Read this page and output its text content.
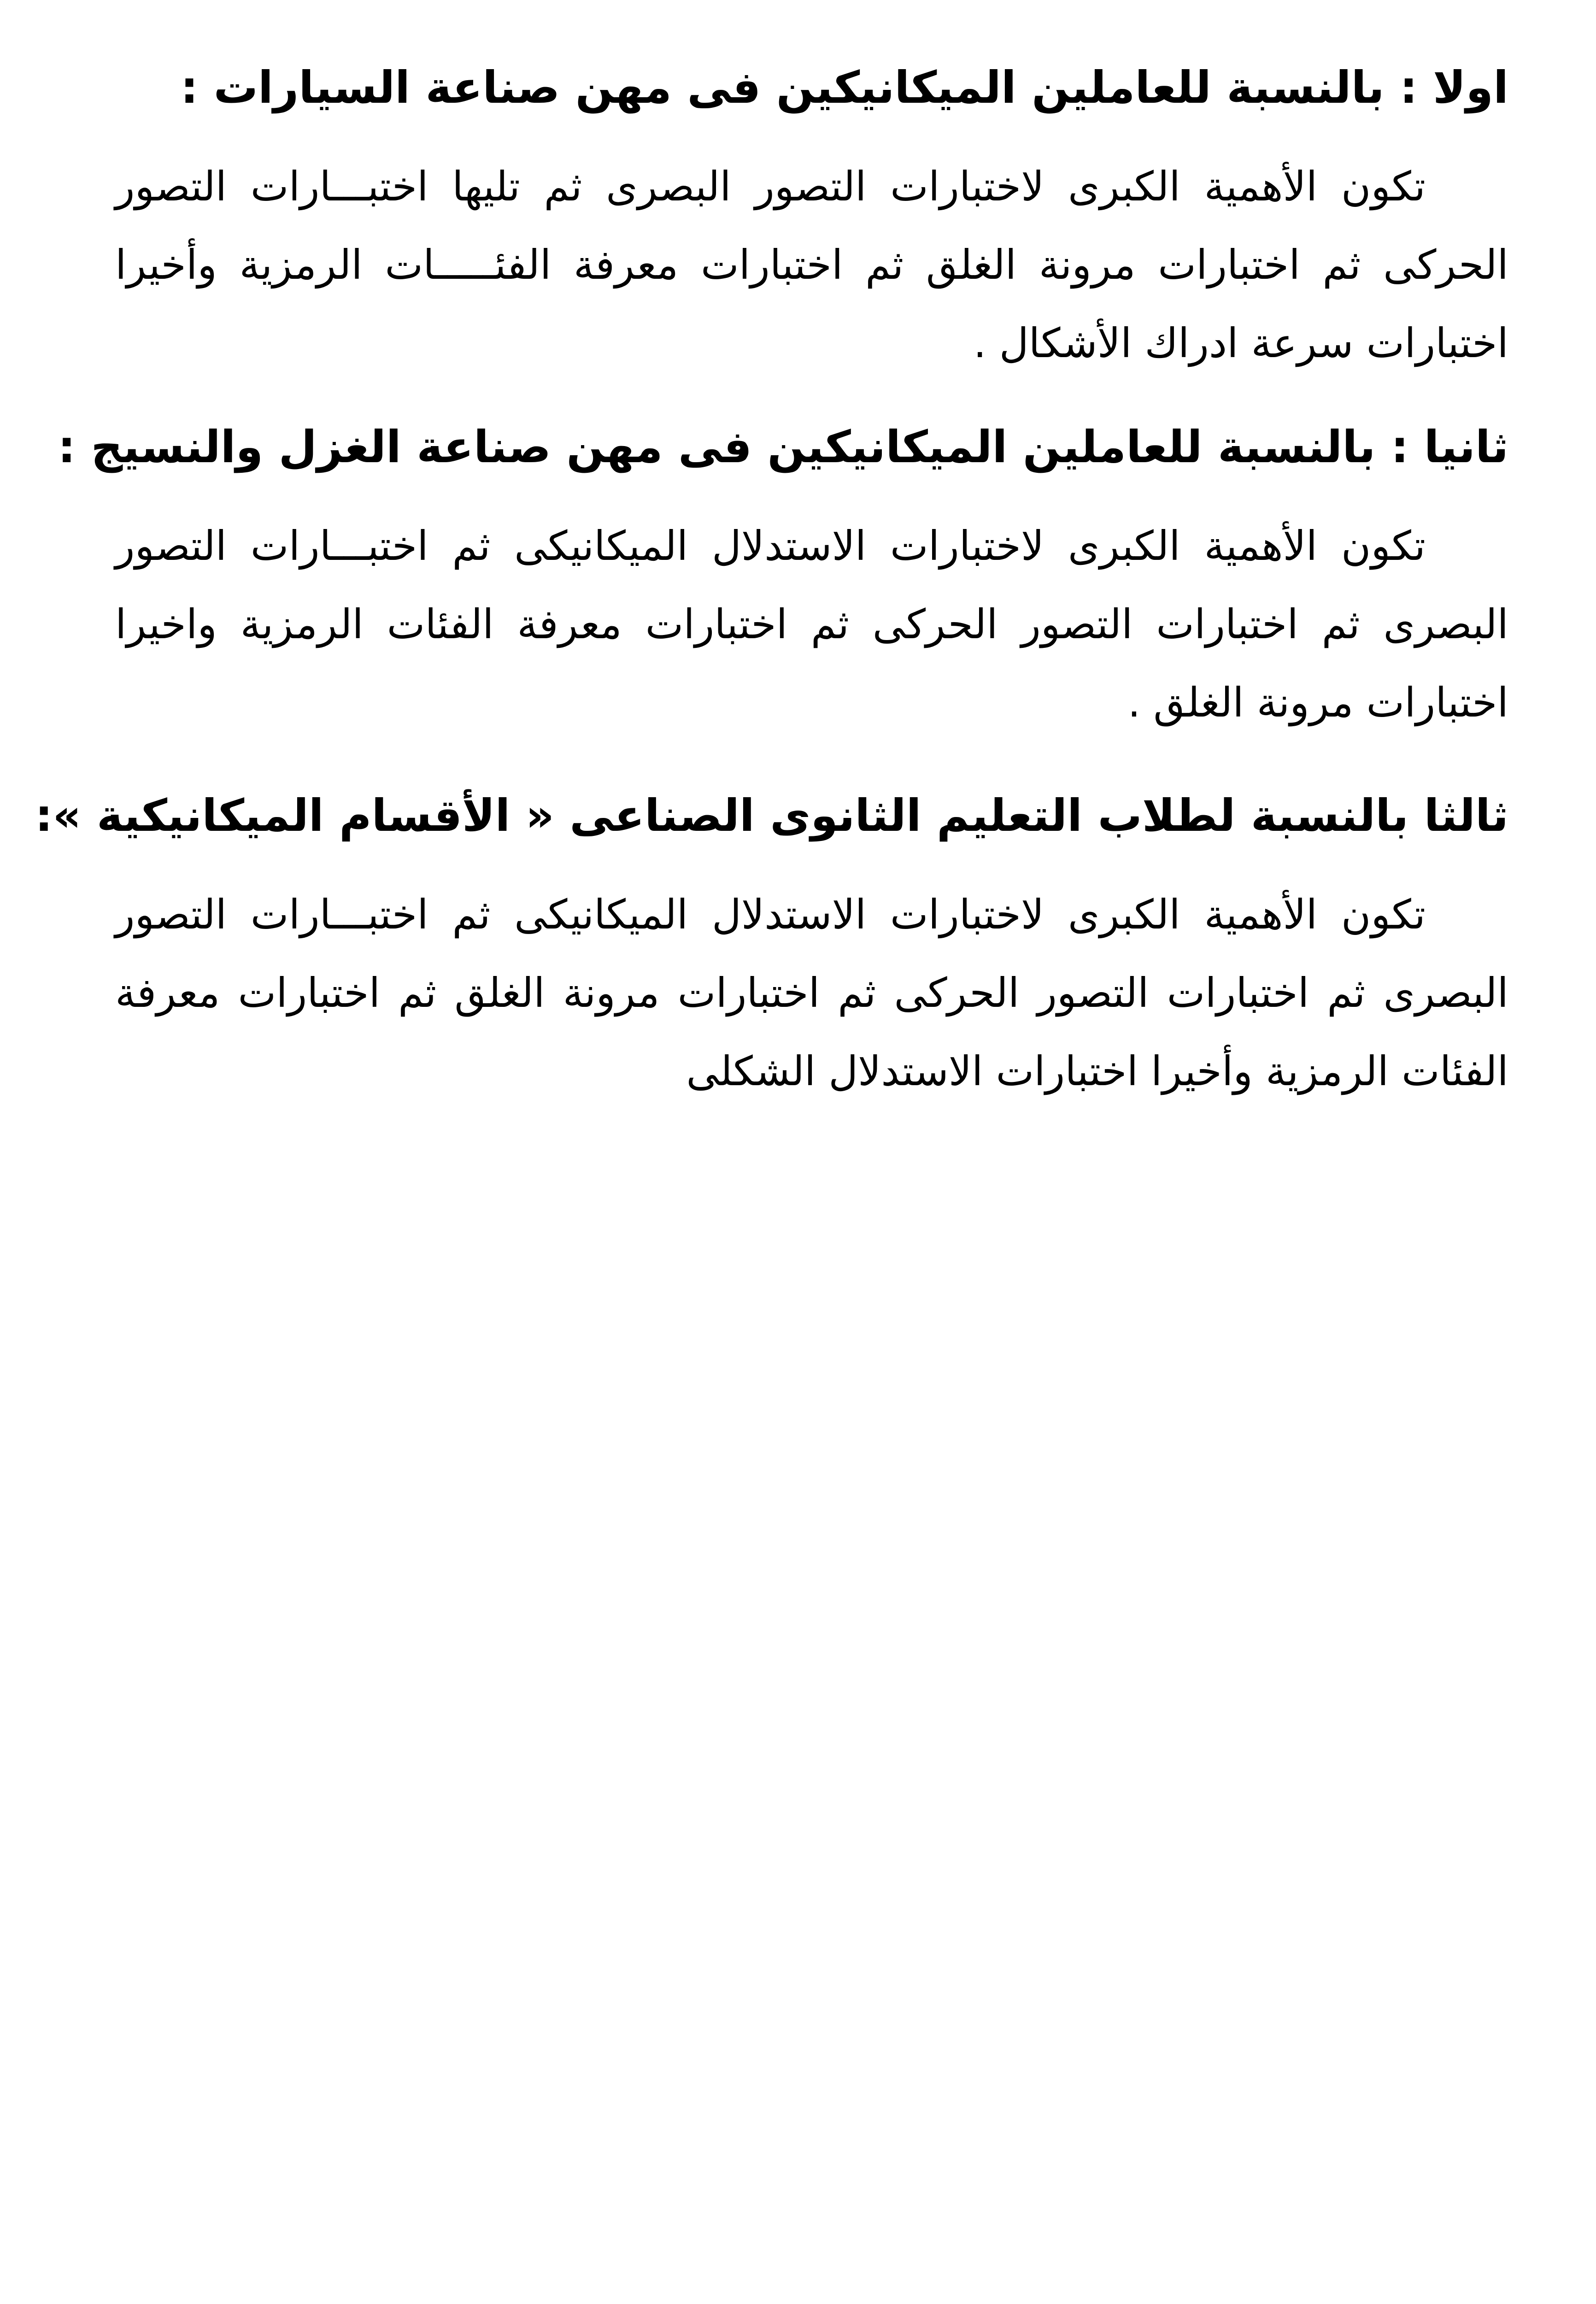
اولا : بالنسبة للعاملين الميكانيكين فى مهن صناعة السيارات :

تكون الأهمية الكبرى لاختبارات التصور البصرى ثم تليها اختبـــارات التصور الحركى ثم اختبارات مرونة الغلق ثم اختبارات معرفة الفئـــــات الرمزية وأخيرا اختبارات سرعة ادراك الأشكال .

ثانيا : بالنسبة للعاملين الميكانيكين فى مهن صناعة الغزل والنسيج :

تكون الأهمية الكبرى لاختبارات الاستدلال الميكانيكى ثم اختبـــارات التصور البصرى ثم اختبارات التصور الحركى ثم اختبارات معرفة الفئات الرمزية واخيرا اختبارات مرونة الغلق .

ثالثا بالنسبة لطلاب التعليم الثانوى الصناعى « الأقسام الميكانيكية »:

تكون الأهمية الكبرى لاختبارات الاستدلال الميكانيكى ثم اختبـــارات التصور البصرى ثم اختبارات التصور الحركى ثم اختبارات مرونة الغلق ثم اختبارات معرفة الفئات الرمزية وأخيرا اختبارات الاستدلال الشكلى
